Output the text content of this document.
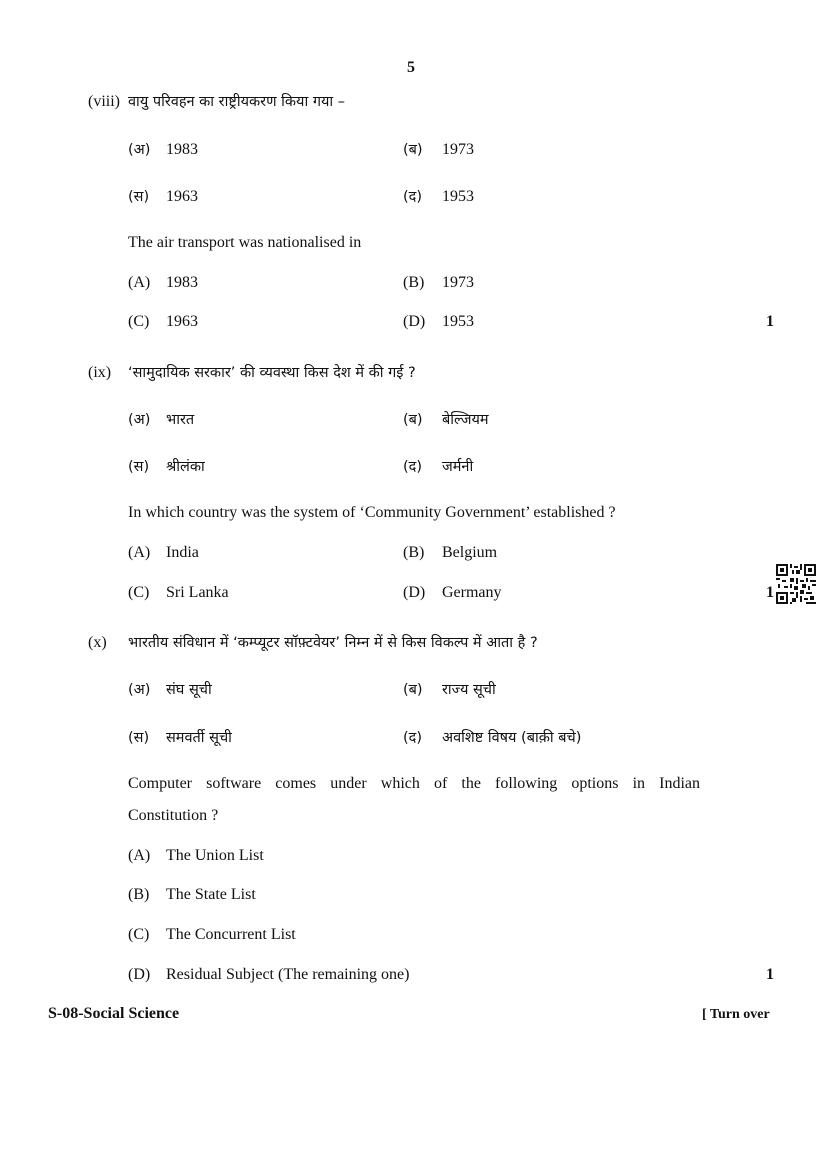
5
(viii) वायु परिवहन का राष्ट्रीयकरण किया गया –
(अ) 1983	(ब) 1973
(स) 1963	(द) 1953
The air transport was nationalised in
(A) 1983	(B) 1973
(C) 1963	(D) 1953	1
(ix) ‘सामुदायिक सरकार’ की व्यवस्था किस देश में की गई ?
(अ) भारत	(ब) बेल्जियम
(स) श्रीलंका	(द) जर्मनी
In which country was the system of ‘Community Government’ established ?
(A) India	(B) Belgium
(C) Sri Lanka	(D) Germany	1
(x) भारतीय संविधान में ‘कम्प्यूटर सॉफ़्टवेयर’ निम्न में से किस विकल्प में आता है ?
(अ) संघ सूची	(ब) राज्य सूची
(स) समवर्ती सूची	(द) अवशिष्ट विषय (बाक़ी बचे)
Computer software comes under which of the following options in Indian
Constitution ?
(A) The Union List
(B) The State List
(C) The Concurrent List
(D) Residual Subject (The remaining one)	1
S-08-Social Science	[ Turn over
